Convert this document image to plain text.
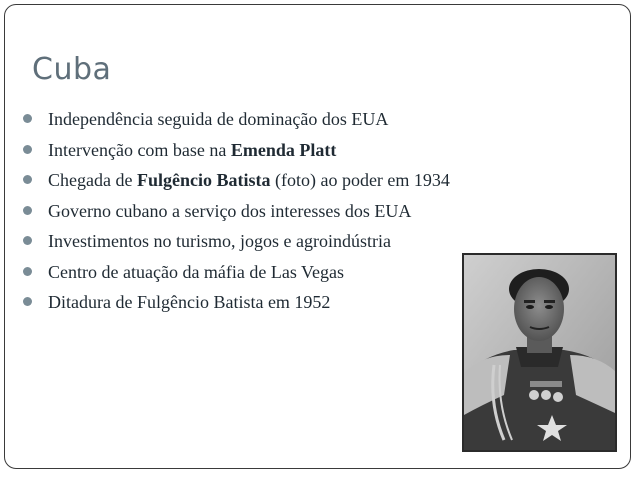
Cuba
Independência seguida de dominação dos EUA
Intervenção com base na Emenda Platt
Chegada de Fulgêncio Batista (foto) ao poder em 1934
Governo cubano a serviço dos interesses dos EUA
Investimentos no turismo, jogos e agroindústria
Centro de atuação da máfia de Las Vegas
Ditadura de Fulgêncio Batista em 1952
